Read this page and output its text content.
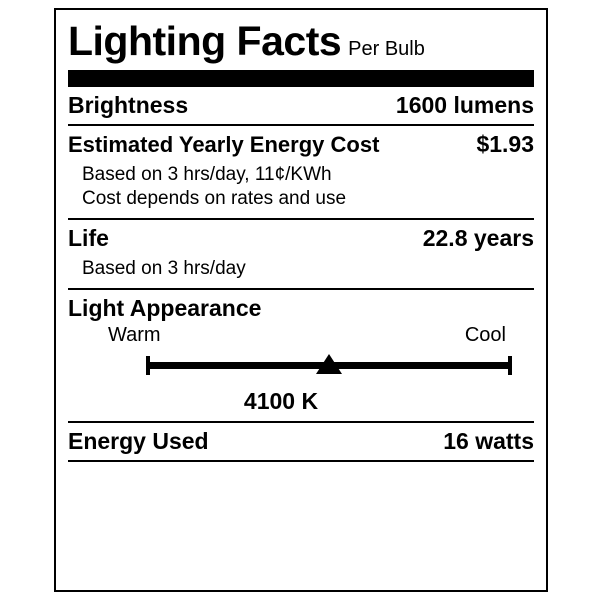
Lighting Facts Per Bulb
Brightness	1600 lumens
Estimated Yearly Energy Cost	$1.93
Based on 3 hrs/day, 11¢/KWh
Cost depends on rates and use
Life	22.8 years
Based on 3 hrs/day
Light Appearance
Warm	Cool
4100 K
Energy Used	16 watts
